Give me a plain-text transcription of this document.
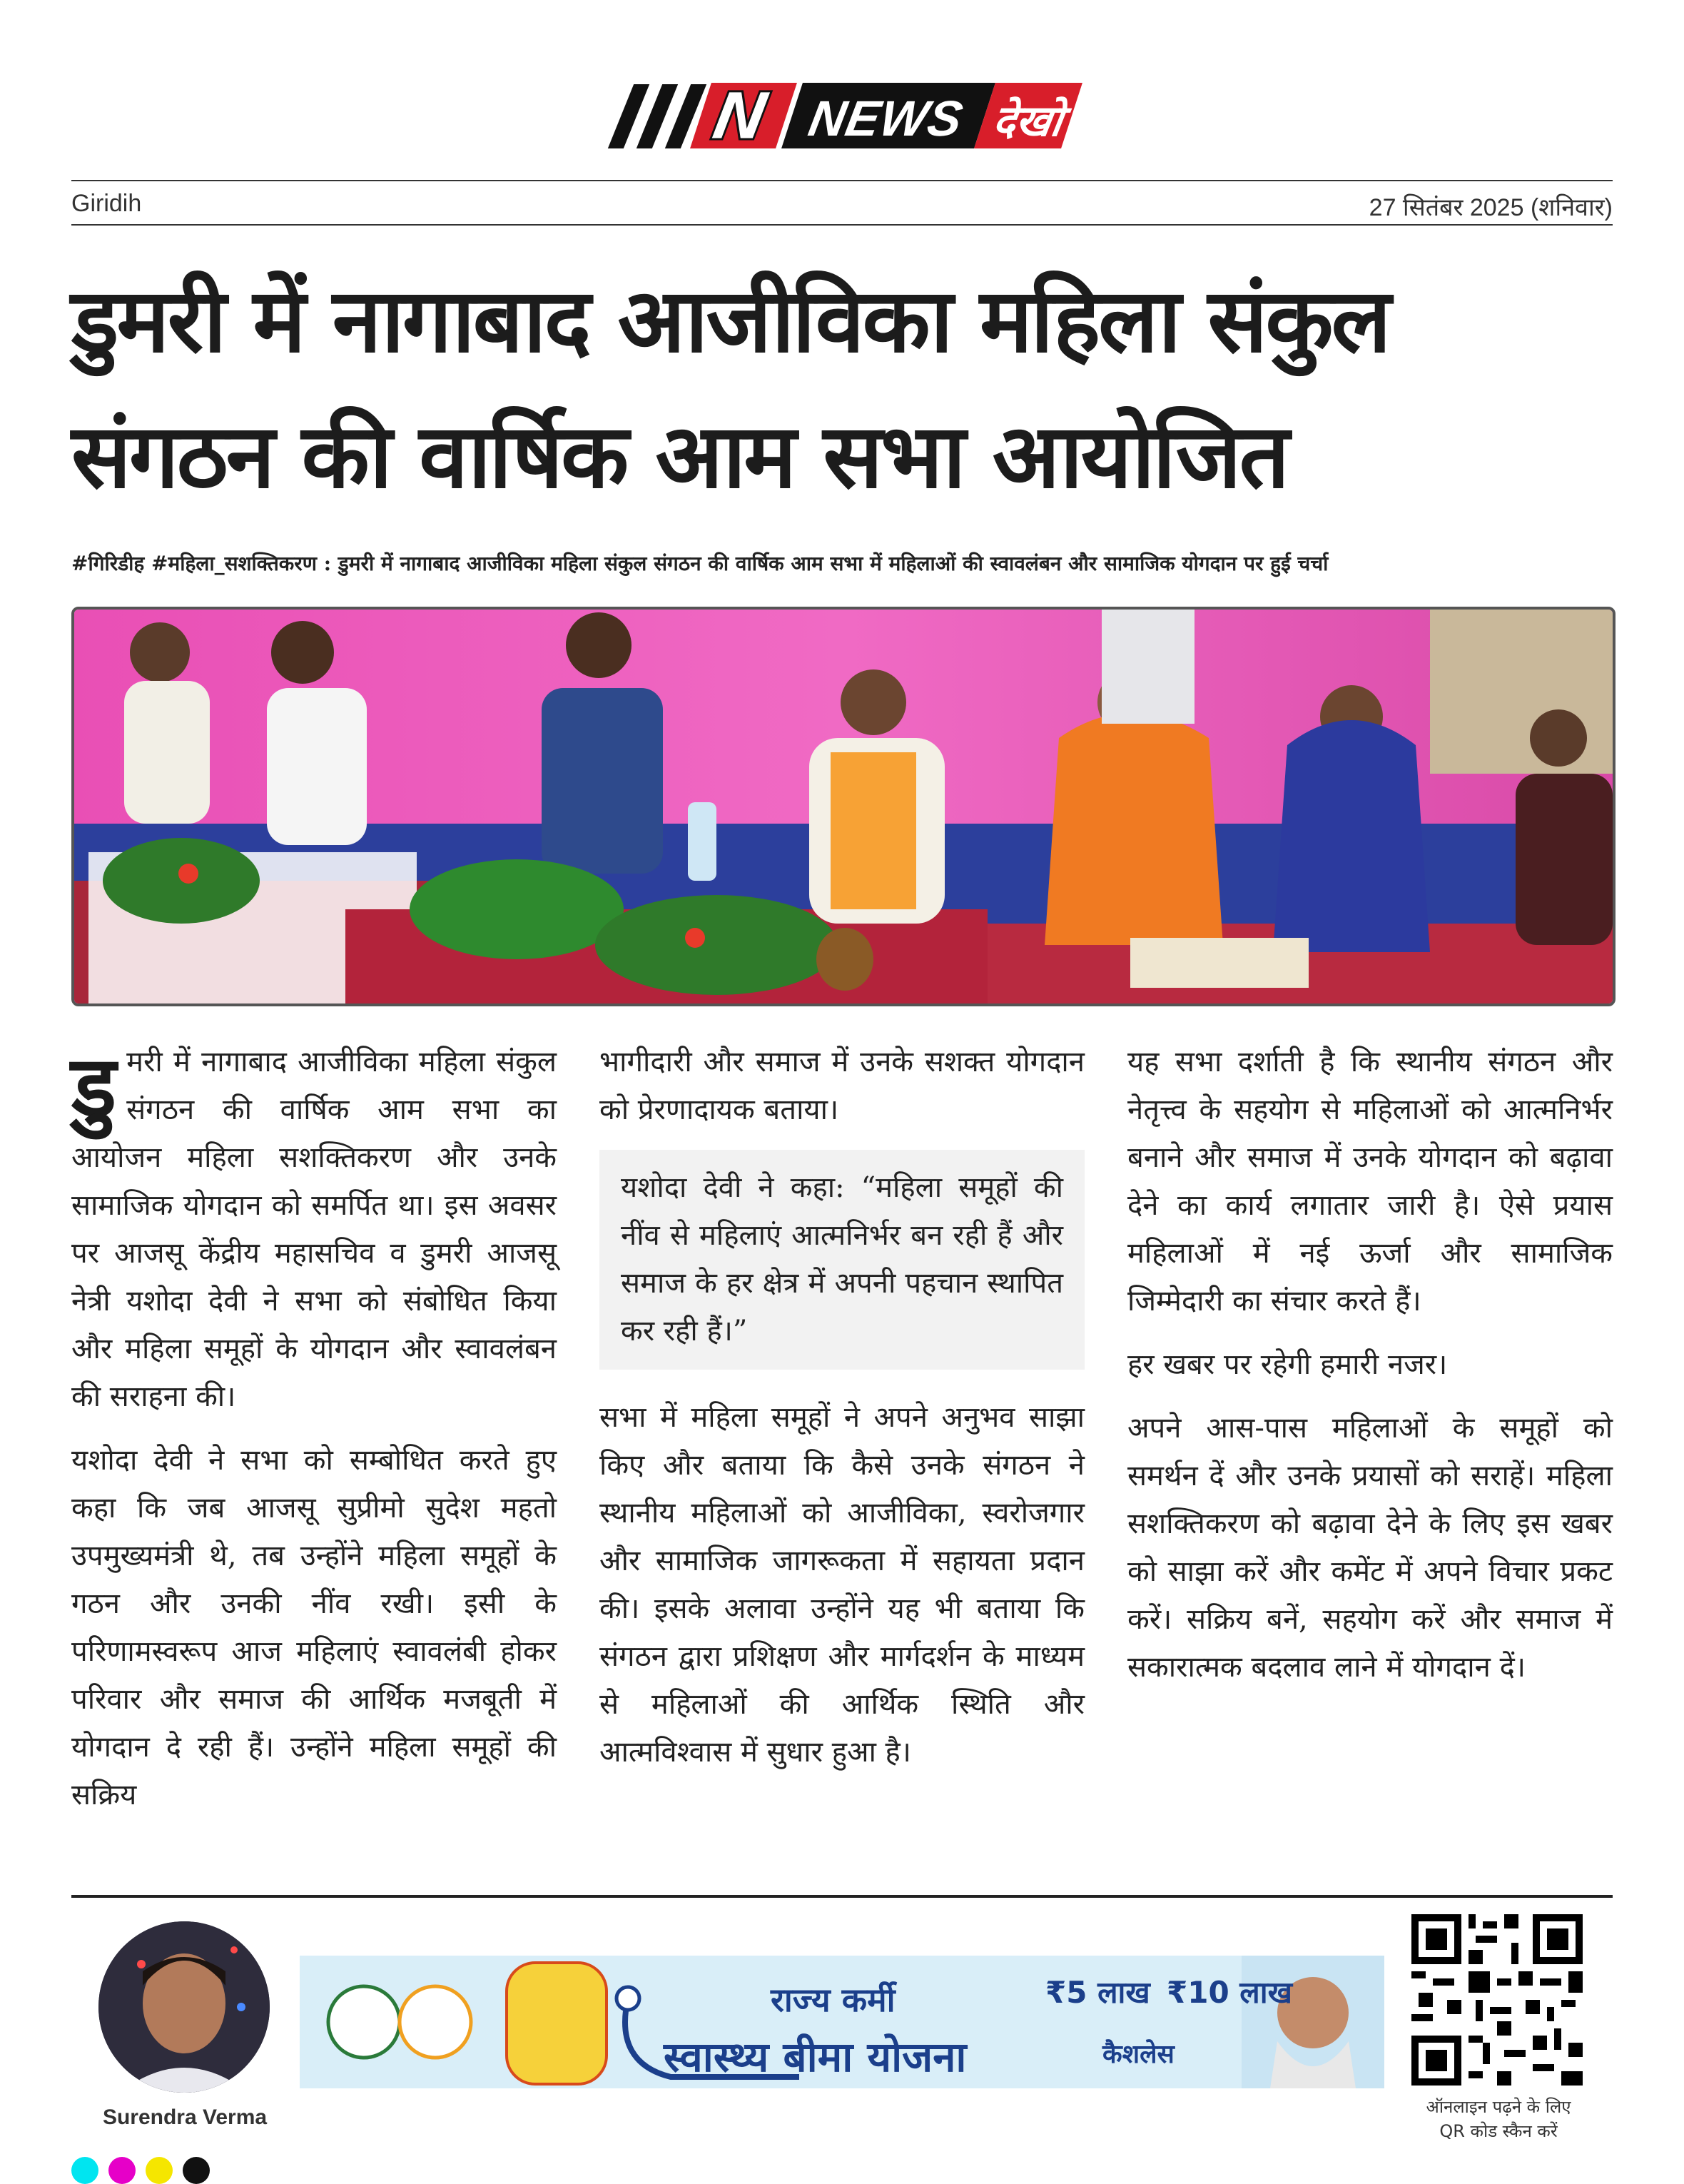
N NEWS देखो
Giridih	27 सितंबर 2025 (शनिवार)
डुमरी में नागाबाद आजीविका महिला संकुल
संगठन की वार्षिक आम सभा आयोजित
#गिरिडीह #महिला_सशक्तिकरण : डुमरी में नागाबाद आजीविका महिला संकुल संगठन की वार्षिक आम सभा में महिलाओं की स्वावलंबन और सामाजिक योगदान पर हुई चर्चा

डुमरी में नागाबाद आजीविका महिला संकुल संगठन की वार्षिक आम सभा का आयोजन महिला सशक्तिकरण और उनके सामाजिक योगदान को समर्पित था। इस अवसर पर आजसू केंद्रीय महासचिव व डुमरी आजसू नेत्री यशोदा देवी ने सभा को संबोधित किया और महिला समूहों के योगदान और स्वावलंबन की सराहना की।

यशोदा देवी ने सभा को सम्बोधित करते हुए कहा कि जब आजसू सुप्रीमो सुदेश महतो उपमुख्यमंत्री थे, तब उन्होंने महिला समूहों के गठन और उनकी नींव रखी। इसी के परिणामस्वरूप आज महिलाएं स्वावलंबी होकर परिवार और समाज की आर्थिक मजबूती में योगदान दे रही हैं। उन्होंने महिला समूहों की सक्रिय

भागीदारी और समाज में उनके सशक्त योगदान को प्रेरणादायक बताया।

यशोदा देवी ने कहा: “महिला समूहों की नींव से महिलाएं आत्मनिर्भर बन रही हैं और समाज के हर क्षेत्र में अपनी पहचान स्थापित कर रही हैं।”

सभा में महिला समूहों ने अपने अनुभव साझा किए और बताया कि कैसे उनके संगठन ने स्थानीय महिलाओं को आजीविका, स्वरोजगार और सामाजिक जागरूकता में सहायता प्रदान की। इसके अलावा उन्होंने यह भी बताया कि संगठन द्वारा प्रशिक्षण और मार्गदर्शन के माध्यम से महिलाओं की आर्थिक स्थिति और आत्मविश्वास में सुधार हुआ है।

यह सभा दर्शाती है कि स्थानीय संगठन और नेतृत्त्व के सहयोग से महिलाओं को आत्मनिर्भर बनाने और समाज में उनके योगदान को बढ़ावा देने का कार्य लगातार जारी है। ऐसे प्रयास महिलाओं में नई ऊर्जा और सामाजिक जिम्मेदारी का संचार करते हैं।

हर खबर पर रहेगी हमारी नजर।

अपने आस-पास महिलाओं के समूहों को समर्थन दें और उनके प्रयासों को सराहें। महिला सशक्तिकरण को बढ़ावा देने के लिए इस खबर को साझा करें और कमेंट में अपने विचार प्रकट करें। सक्रिय बनें, सहयोग करें और समाज में सकारात्मक बदलाव लाने में योगदान दें।

Surendra Verma
राज्य कर्मी
स्वास्थ्य बीमा योजना
₹5 लाख ₹10 लाख
कैशलेस
ऑनलाइन पढ़ने के लिए
QR कोड स्कैन करें
